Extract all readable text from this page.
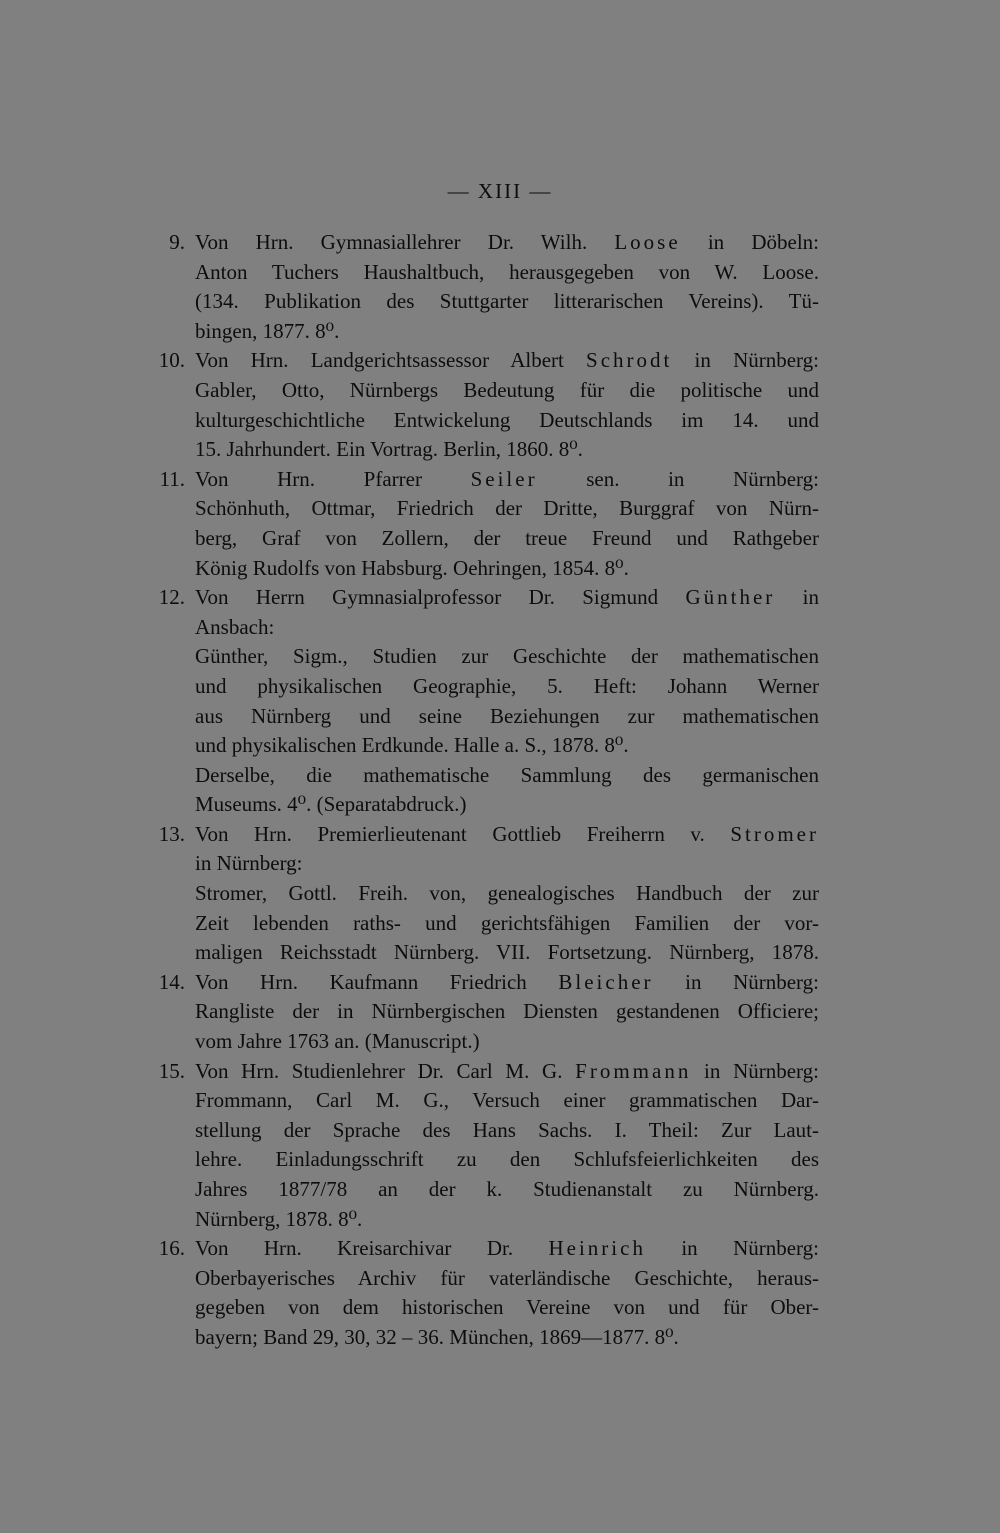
— XIII —
9. Von Hrn. Gymnasiallehrer Dr. Wilh. Loose in Döbeln:
Anton Tuchers Haushaltbuch, herausgegeben von W. Loose.
(134. Publikation des Stuttgarter litterarischen Vereins). Tü-
bingen, 1877. 8⁰.
10. Von Hrn. Landgerichtsassessor Albert Schrodt in Nürnberg:
Gabler, Otto, Nürnbergs Bedeutung für die politische und
kulturgeschichtliche Entwickelung Deutschlands im 14. und
15. Jahrhundert. Ein Vortrag. Berlin, 1860. 8⁰.
11. Von Hrn. Pfarrer Seiler sen. in Nürnberg:
Schönhuth, Ottmar, Friedrich der Dritte, Burggraf von Nürn-
berg, Graf von Zollern, der treue Freund und Rathgeber
König Rudolfs von Habsburg. Oehringen, 1854. 8⁰.
12. Von Herrn Gymnasialprofessor Dr. Sigmund Günther in
Ansbach:
Günther, Sigm., Studien zur Geschichte der mathematischen
und physikalischen Geographie, 5. Heft: Johann Werner
aus Nürnberg und seine Beziehungen zur mathematischen
und physikalischen Erdkunde. Halle a. S., 1878. 8⁰.
Derselbe, die mathematische Sammlung des germanischen
Museums. 4⁰. (Separatabdruck.)
13. Von Hrn. Premierlieutenant Gottlieb Freiherrn v. Stromer
in Nürnberg:
Stromer, Gottl. Freih. von, genealogisches Handbuch der zur
Zeit lebenden raths- und gerichtsfähigen Familien der vor-
maligen Reichsstadt Nürnberg. VII. Fortsetzung. Nürnberg, 1878.
14. Von Hrn. Kaufmann Friedrich Bleicher in Nürnberg:
Rangliste der in Nürnbergischen Diensten gestandenen Officiere;
vom Jahre 1763 an. (Manuscript.)
15. Von Hrn. Studienlehrer Dr. Carl M. G. Frommann in Nürnberg:
Frommann, Carl M. G., Versuch einer grammatischen Dar-
stellung der Sprache des Hans Sachs. I. Theil: Zur Laut-
lehre. Einladungsschrift zu den Schlufsfeierlichkeiten des
Jahres 1877/78 an der k. Studienanstalt zu Nürnberg.
Nürnberg, 1878. 8⁰.
16. Von Hrn. Kreisarchivar Dr. Heinrich in Nürnberg:
Oberbayerisches Archiv für vaterländische Geschichte, heraus-
gegeben von dem historischen Vereine von und für Ober-
bayern; Band 29, 30, 32 – 36. München, 1869—1877. 8⁰.
